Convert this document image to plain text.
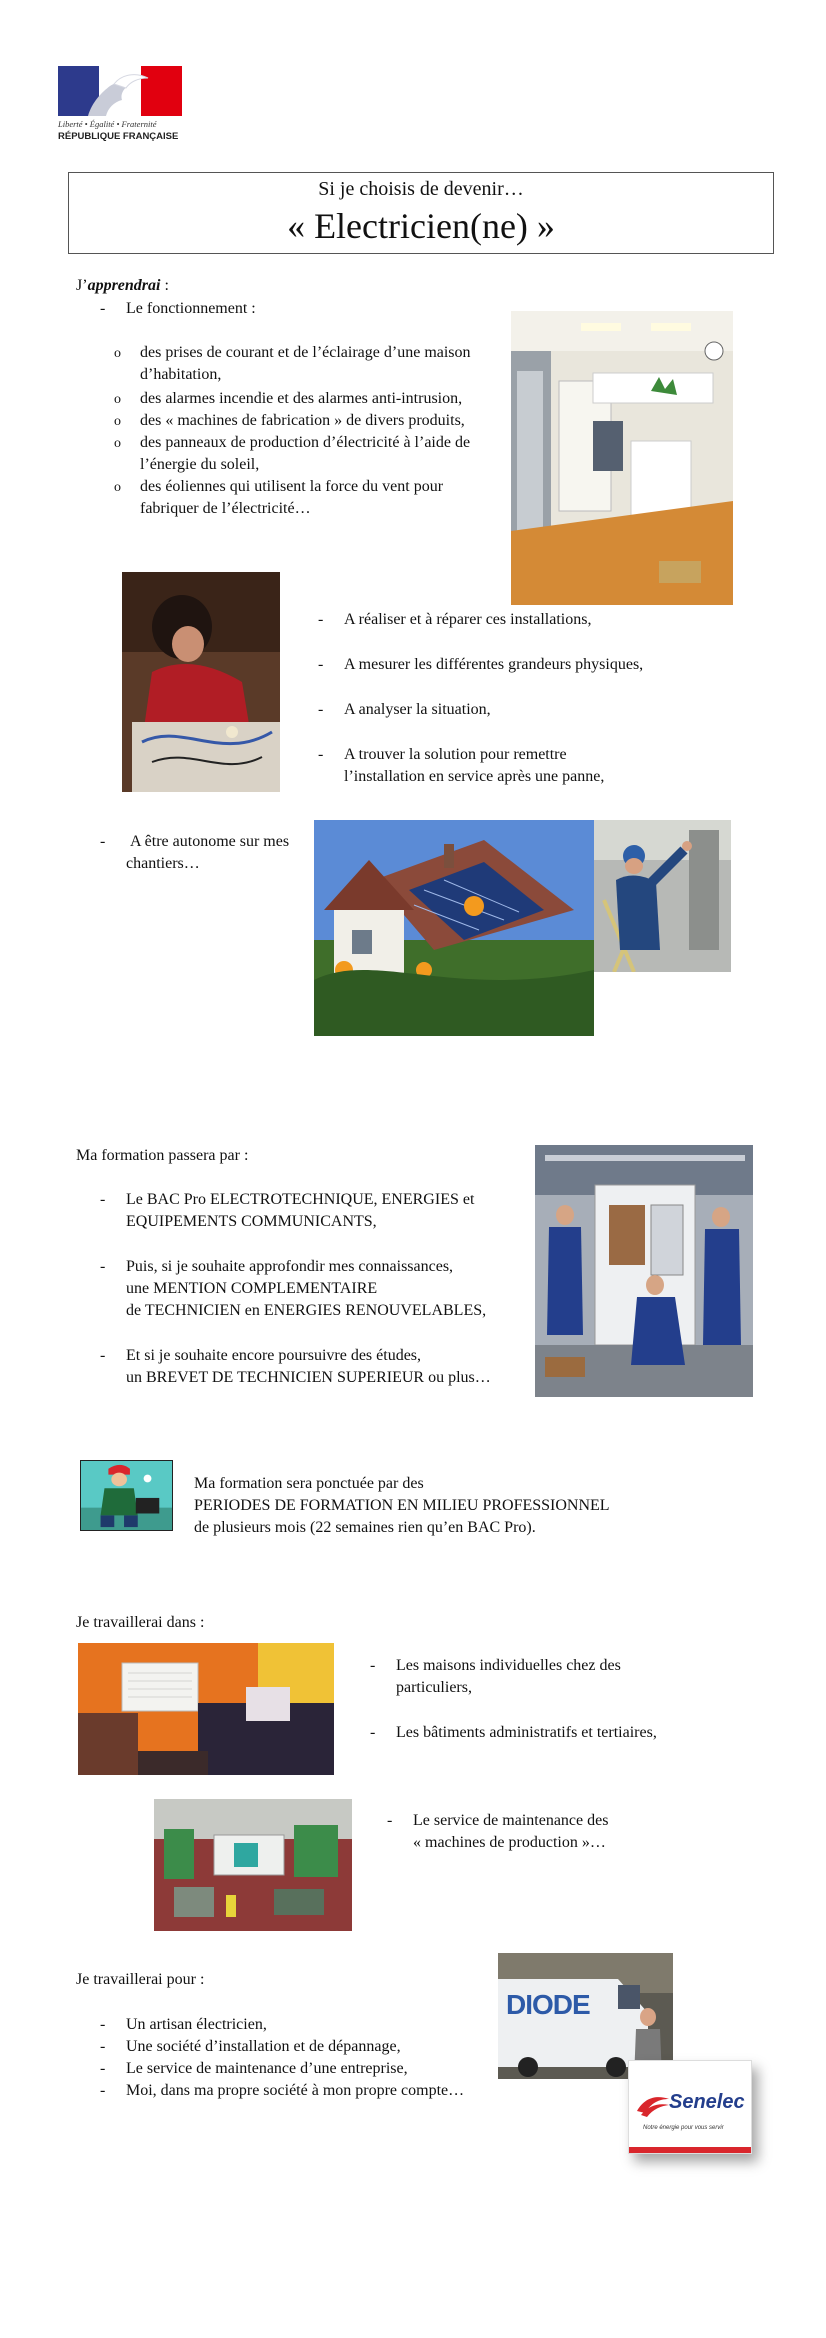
Liberté • Égalité • Fraternité
RÉPUBLIQUE FRANÇAISE
Si je choisis de devenir…
« Electricien(ne) »
J’apprendrai :
- Le fonctionnement :
o des prises de courant et de l’éclairage d’une maison
d’habitation,
o des alarmes incendie et des alarmes anti-intrusion,
o des « machines de fabrication » de divers produits,
o des panneaux de production d’électricité à l’aide de
l’énergie du soleil,
o des éoliennes qui utilisent la force du vent pour
fabriquer de l’électricité…
- A réaliser et à réparer ces installations,
- A mesurer les différentes grandeurs physiques,
- A analyser la situation,
- A trouver la solution pour remettre
l’installation en service après une panne,
- A être autonome sur mes
chantiers…
Ma formation passera par :
- Le BAC Pro ELECTROTECHNIQUE, ENERGIES et
EQUIPEMENTS COMMUNICANTS,
- Puis, si je souhaite approfondir mes connaissances,
une MENTION COMPLEMENTAIRE
de TECHNICIEN en ENERGIES RENOUVELABLES,
- Et si je souhaite encore poursuivre des études,
un BREVET DE TECHNICIEN SUPERIEUR ou plus…
Ma formation sera ponctuée par des
PERIODES DE FORMATION EN MILIEU PROFESSIONNEL
de plusieurs mois (22 semaines rien qu’en BAC Pro).
Je travaillerai dans :
- Les maisons individuelles chez des
particuliers,
- Les bâtiments administratifs et tertiaires,
- Le service de maintenance des
« machines de production »…
Je travaillerai pour :
- Un artisan électricien,
- Une société d’installation et de dépannage,
- Le service de maintenance d’une entreprise,
- Moi, dans ma propre société à mon propre compte…
DIODE
Senelec
Notre énergie pour vous servir
